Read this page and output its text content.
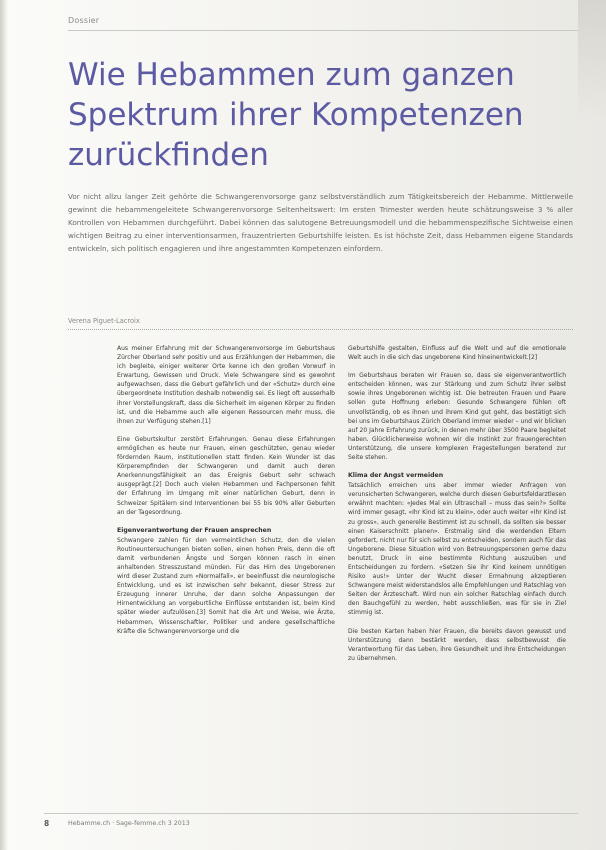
Dossier
Wie Hebammen zum ganzen Spektrum ihrer Kompetenzen zurückfinden

Vor nicht allzu langer Zeit gehörte die Schwangerenvorsorge ganz selbstverständlich zum Tätigkeitsbereich der Hebamme. Mittlerweile gewinnt die hebammengeleitete Schwangerenvorsorge Seltenheitswert: Im ersten Trimester werden heute schätzungsweise 3 % aller Kontrollen von Hebammen durchgeführt. Dabei können das salutogene Betreuungsmodell und die hebammenspezifische Sichtweise einen wichtigen Beitrag zu einer interventionsarmen, frauzentrierten Geburtshilfe leisten. Es ist höchste Zeit, dass Hebammen eigene Standards entwickeln, sich politisch engagieren und ihre angestammten Kompetenzen einfordern.

Verena Piguet-Lacroix

Aus meiner Erfahrung mit der Schwangerenvorsorge im Geburtshaus Zürcher Oberland sehr positiv und aus Erzählungen der Hebammen, die ich begleite, einiger weiterer Orte kenne ich den großen Vorwurf in Erwartung, Gewissen und Druck. Viele Schwangere sind es gewohnt aufgewachsen, dass die Geburt gefährlich und der «Schutz» durch eine übergeordnete Institution deshalb notwendig sei. Es liegt oft ausserhalb ihrer Vorstellungskraft, dass die Sicherheit im eigenen Körper zu finden ist, und die Hebamme auch alle eigenen Ressourcen mehr muss, die ihnen zur Verfügung stehen.[1]

Eine Geburtskultur zerstört Erfahrungen. Genau diese Erfahrungen ermöglichen es heute nur Frauen, einen geschützten, genau wieder fördernden Raum, institutionellen statt finden. Kein Wunder ist das Körperempfinden der Schwangeren und damit auch deren Anerkennungsfähigkeit an das Ereignis Geburt sehr schwach ausgeprägt.[2] Doch auch vielen Hebammen und Fachpersonen fehlt der Erfahrung im Umgang mit einer natürlichen Geburt, denn in Schweizer Spitälern sind Interventionen bei 55 bis 90% aller Geburten an der Tagesordnung.

Eigenverantwortung der Frauen ansprechen

Schwangere zahlen für den vermeintlichen Schutz, den die vielen Routineuntersuchungen bieten sollen, einen hohen Preis, denn die oft damit verbundenen Ängste und Sorgen können rasch in einen anhaltenden Stresszustand münden. Für das Hirn des Ungeborenen wird dieser Zustand zum «Normalfall», er beeinflusst die neurologische Entwicklung, und es ist inzwischen sehr bekannt, dieser Stress zur Erzeugung innerer Unruhe, der dann solche Anpassungen der Hirnentwicklung an vorgeburtliche Einflüsse entstanden ist, beim Kind später wieder aufzulösen.[3] Somit hat die Art und Weise, wie Ärzte, Hebammen, Wissenschaftler, Politiker und andere gesellschaftliche Kräfte die Schwangerenvorsorge und die

Geburtshilfe gestalten, Einfluss auf die Welt und auf die emotionale Welt auch in die sich das ungeborene Kind hineinentwickelt.[2]

Im Geburtshaus beraten wir Frauen so, dass sie eigenverantwortlich entscheiden können, was zur Stärkung und zum Schutz ihrer selbst sowie ihres Ungeborenen wichtig ist. Die betreuten Frauen und Paare sollen gute Hoffnung erleben: Gesunde Schwangere fühlen oft unvollständig, ob es ihnen und ihrem Kind gut geht, das bestätigt sich bei uns im Geburtshaus Zürich Oberland immer wieder – und wir blicken auf 20 Jahre Erfahrung zurück, in denen mehr über 3500 Paare begleitet haben. Glücklicherweise wohnen wir die Instinkt zur frauengerechten Unterstützung, die unsere komplexen Fragestellungen beratend zur Seite stehen.

Klima der Angst vermeiden

Tatsächlich erreichen uns aber immer wieder Anfragen von verunsicherten Schwangeren, welche durch diesen Geburtsfeldarztlesen erwähnt machten: «Jedes Mal ein Ultraschall – muss das sein?» Sollte wird immer gesagt, «Ihr Kind ist zu klein», oder auch weiter «Ihr Kind ist zu gross», auch generelle Bestimmt ist zu schnell, da sollten sie besser einen Kaiserschnitt planen». Erstmalig sind die werdenden Eltern gefordert, nicht nur für sich selbst zu entscheiden, sondern auch für das Ungeborene. Diese Situation wird von Betreuungspersonen gerne dazu benutzt, Druck in eine bestimmte Richtung auszuüben und Entscheidungen zu fordern. «Setzen Sie ihr Kind keinem unnötigen Risiko aus!» Unter der Wucht dieser Ermahnung akzeptieren Schwangere meist widerstandslos alle Empfehlungen und Ratschlag von Seiten der Ärzteschaft. Wird nun ein solcher Ratschlag einfach durch den Bauchgefühl zu werden, hebt ausschließen, was für sie in Ziel stimmig ist.

Die besten Karten haben hier Frauen, die bereits davon gewusst und Unterstützung dann bestärkt werden, dass selbstbewusst die Verantwortung für das Leben, ihre Gesundheit und ihre Entscheidungen zu übernehmen.

8	Hebamme.ch · Sage-femme.ch 3 2013
